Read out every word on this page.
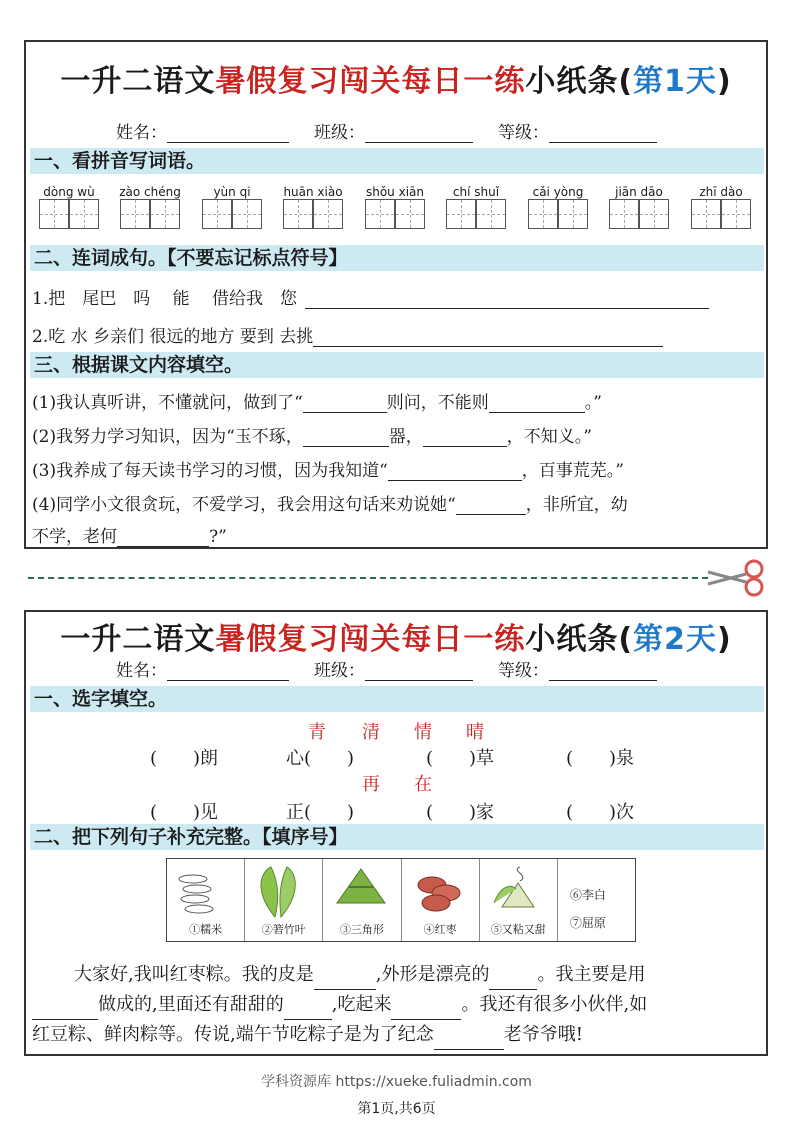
一升二语文暑假复习闯关每日一练小纸条(第1天)
姓名：	班级：	等级：
一、看拼音写词语。
dòng wù	zào chéng	yùn qi	huān xiào	shǒu xiān	chí shuǐ	cǎi yòng	jiān dāo	zhī dào
二、连词成句。【不要忘记标点符号】
1.把　尾巴　吗　 能 　借给我　您
2.吃 水 乡亲们 很远的地方 要到 去挑
三、根据课文内容填空。
(1)我认真听讲，不懂就问，做到了“	则问，不能则	。”
(2)我努力学习知识，因为“玉不琢，	器，	，不知义。”
(3)我养成了每天读书学习的习惯，因为我知道“	，百事荒芜。”
(4)同学小文很贪玩，不爱学习，我会用这句话来劝说她“	，非所宜，幼
不学，老何	?”
一升二语文暑假复习闯关每日一练小纸条(第2天)
姓名：	班级：	等级：
一、选字填空。
青 清 情 晴
(　　)朗	心(　　)	(　　)草	(　　)泉
再 在
(　　)见	正(　　)	(　　)家	(　　)次
二、把下列句子补充完整。【填序号】
①糯米	②箬竹叶	③三角形	④红枣	⑤又粘又甜
⑥李白 ⑦屈原
大家好,我叫红枣粽。我的皮是	,外形是漂亮的	。我主要是用
做成的,里面还有甜甜的	,吃起来	。我还有很多小伙伴,如
红豆粽、鲜肉粽等。传说,端午节吃粽子是为了纪念	老爷爷哦!
学科资源库 https://xueke.fuliadmin.com
第1页,共6页
